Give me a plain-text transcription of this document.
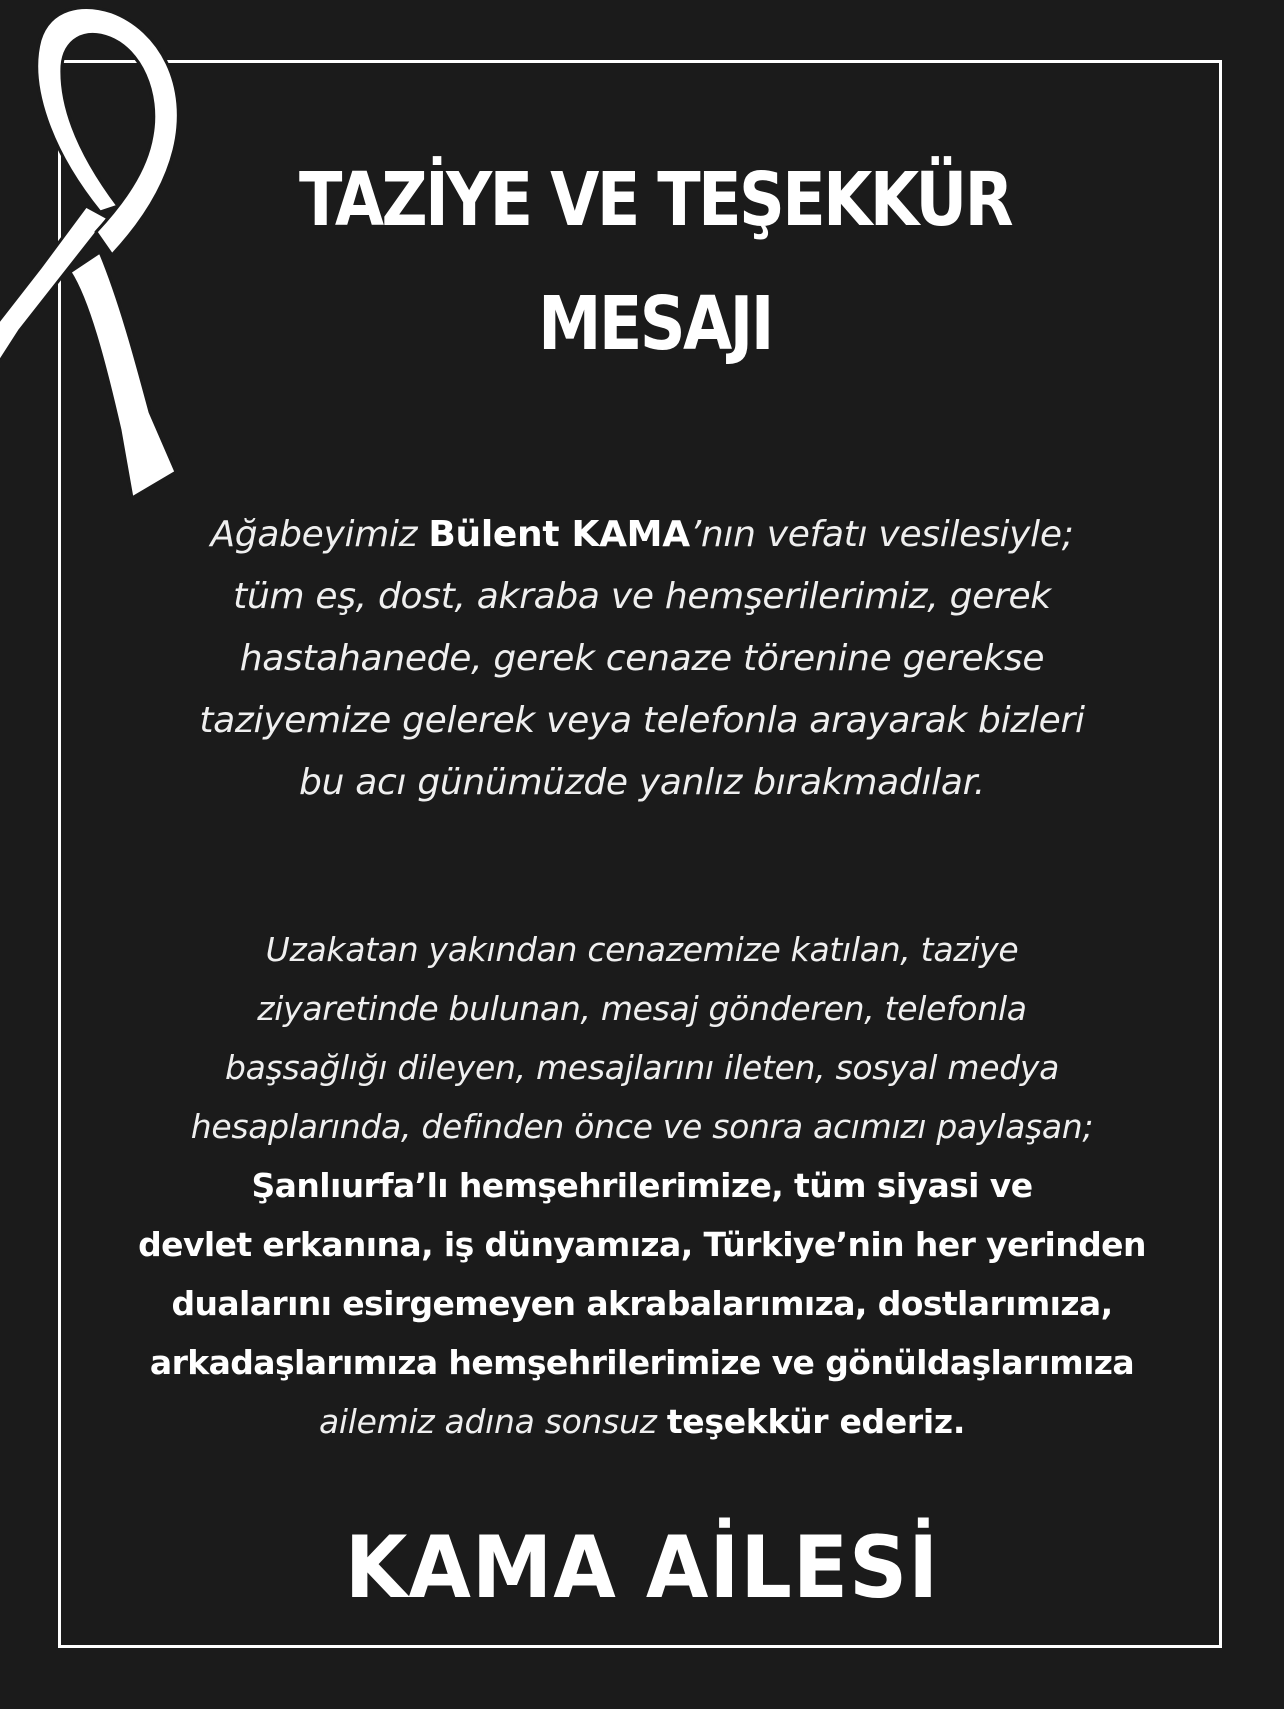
TAZİYE VE TEŞEKKÜR
MESAJI

Ağabeyimiz Bülent KAMA’nın vefatı vesilesiyle;
tüm eş, dost, akraba ve hemşerilerimiz, gerek
hastahanede, gerek cenaze törenine gerekse
taziyemize gelerek veya telefonla arayarak bizleri
bu acı günümüzde yanlız bırakmadılar.

Uzakatan yakından cenazemize katılan, taziye
ziyaretinde bulunan, mesaj gönderen, telefonla
başsağlığı dileyen, mesajlarını ileten, sosyal medya
hesaplarında, definden önce ve sonra acımızı paylaşan;
Şanlıurfa’lı hemşehrilerimize, tüm siyasi ve
devlet erkanına, iş dünyamıza, Türkiye’nin her yerinden
dualarını esirgemeyen akrabalarımıza, dostlarımıza,
arkadaşlarımıza hemşehrilerimize ve gönüldaşlarımıza
ailemiz adına sonsuz teşekkür ederiz.

KAMA AİLESİ
